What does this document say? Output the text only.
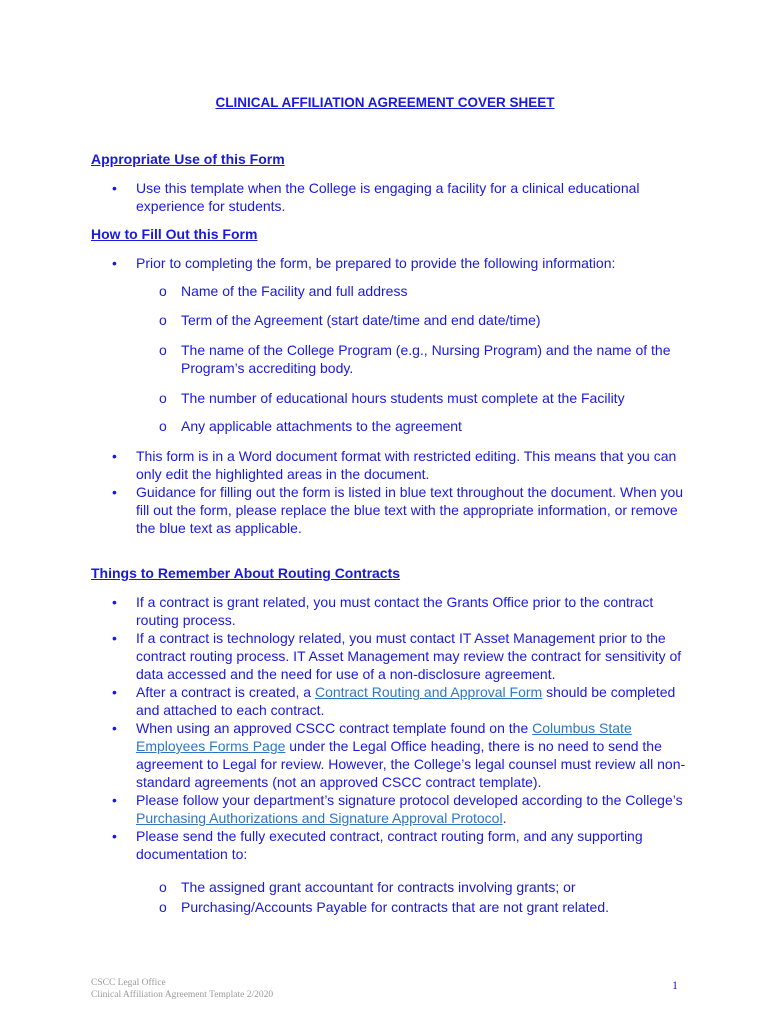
CLINICAL AFFILIATION AGREEMENT COVER SHEET
Appropriate Use of this Form
• Use this template when the College is engaging a facility for a clinical educational experience for students.
How to Fill Out this Form
• Prior to completing the form, be prepared to provide the following information:
o Name of the Facility and full address
o Term of the Agreement (start date/time and end date/time)
o The name of the College Program (e.g., Nursing Program) and the name of the Program’s accrediting body.
o The number of educational hours students must complete at the Facility
o Any applicable attachments to the agreement
• This form is in a Word document format with restricted editing. This means that you can only edit the highlighted areas in the document.
• Guidance for filling out the form is listed in blue text throughout the document. When you fill out the form, please replace the blue text with the appropriate information, or remove the blue text as applicable.
Things to Remember About Routing Contracts
• If a contract is grant related, you must contact the Grants Office prior to the contract routing process.
• If a contract is technology related, you must contact IT Asset Management prior to the contract routing process. IT Asset Management may review the contract for sensitivity of data accessed and the need for use of a non-disclosure agreement.
• After a contract is created, a Contract Routing and Approval Form should be completed and attached to each contract.
• When using an approved CSCC contract template found on the Columbus State Employees Forms Page under the Legal Office heading, there is no need to send the agreement to Legal for review. However, the College’s legal counsel must review all non-standard agreements (not an approved CSCC contract template).
• Please follow your department’s signature protocol developed according to the College’s Purchasing Authorizations and Signature Approval Protocol.
• Please send the fully executed contract, contract routing form, and any supporting documentation to:
o The assigned grant accountant for contracts involving grants; or
o Purchasing/Accounts Payable for contracts that are not grant related.
CSCC Legal Office
Clinical Affiliation Agreement Template 2/2020
1
